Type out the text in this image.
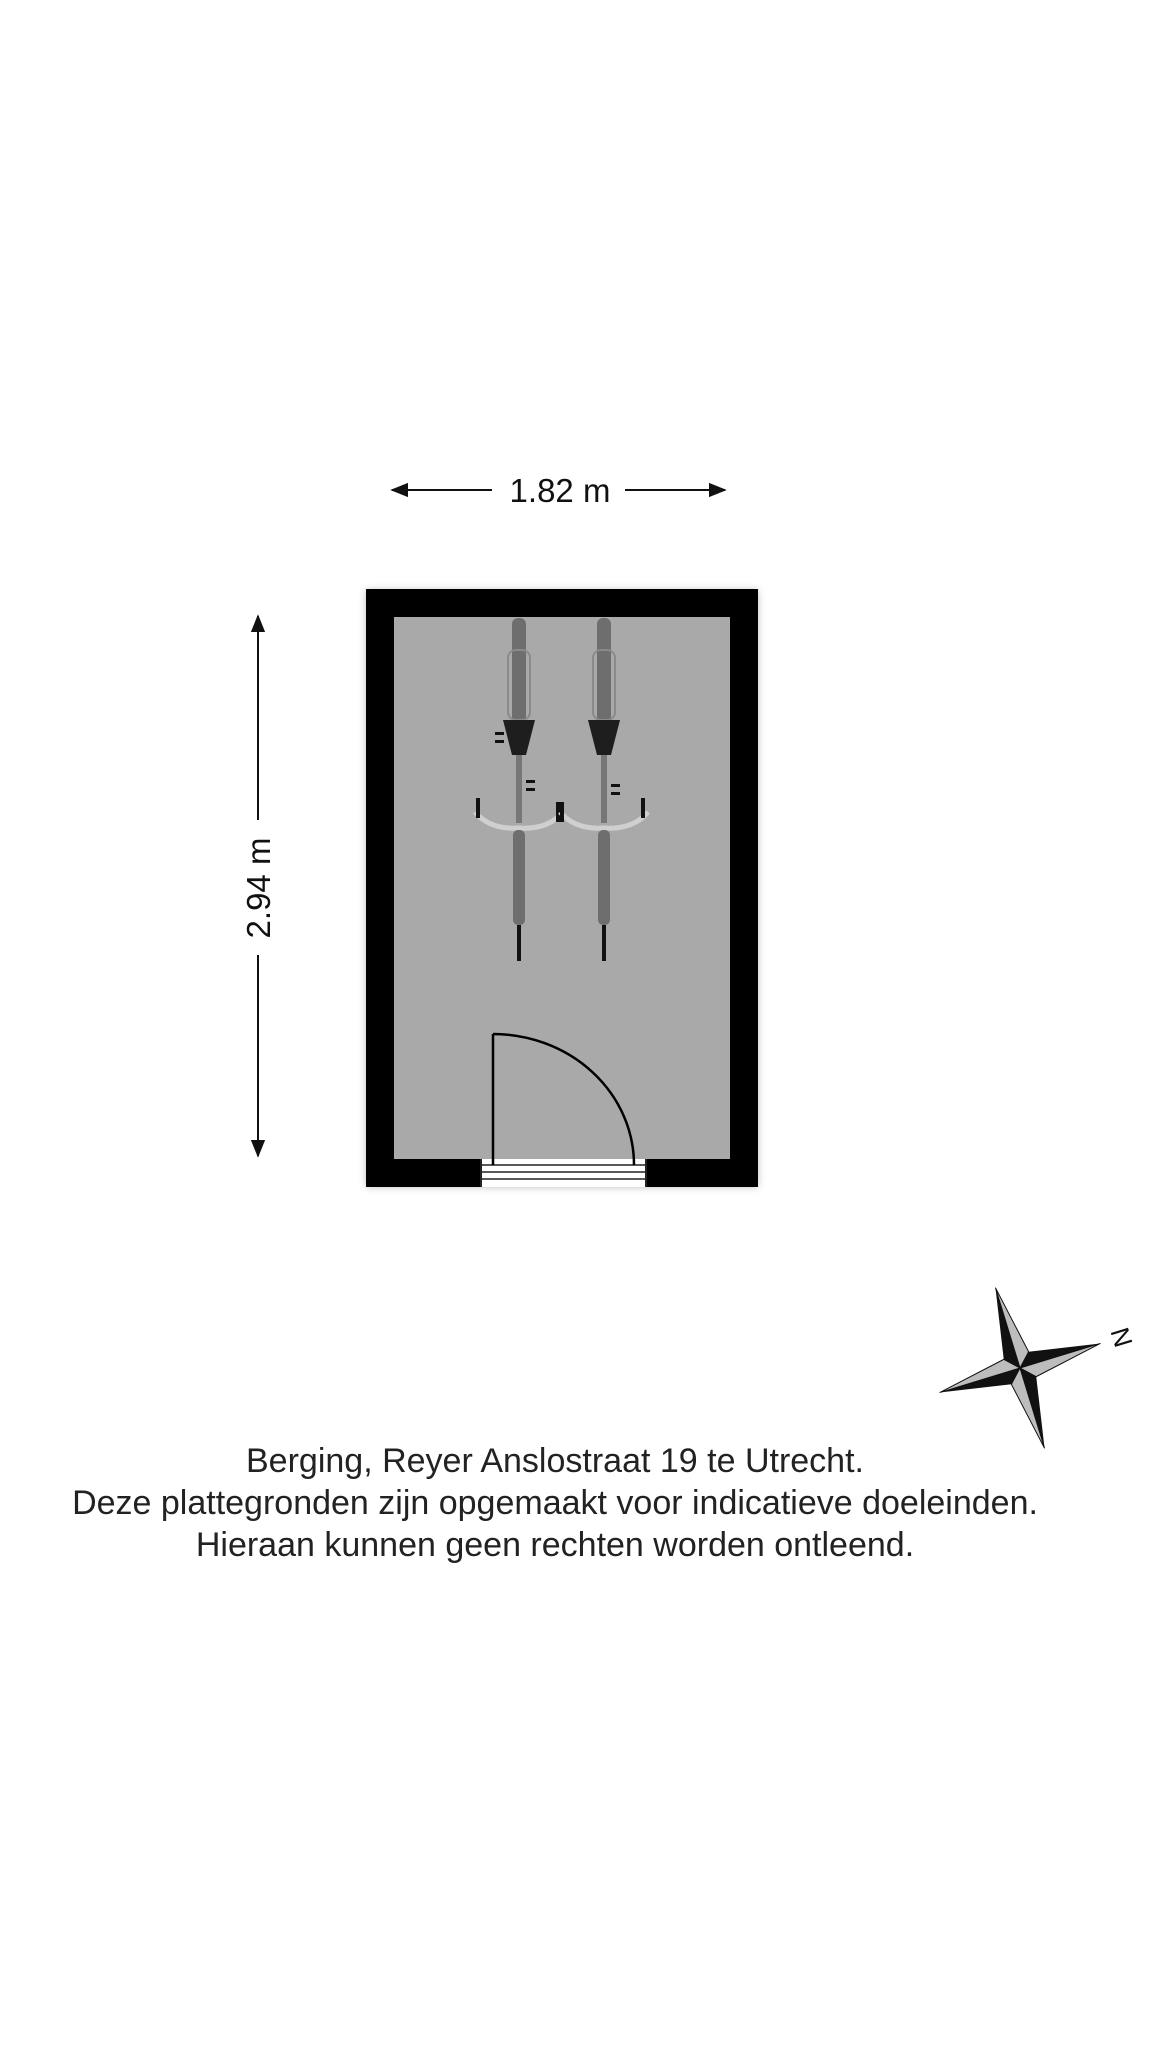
1.82 m
2.94 m
N
Berging, Reyer Anslostraat 19 te Utrecht.
Deze plattegronden zijn opgemaakt voor indicatieve doeleinden.
Hieraan kunnen geen rechten worden ontleend.
